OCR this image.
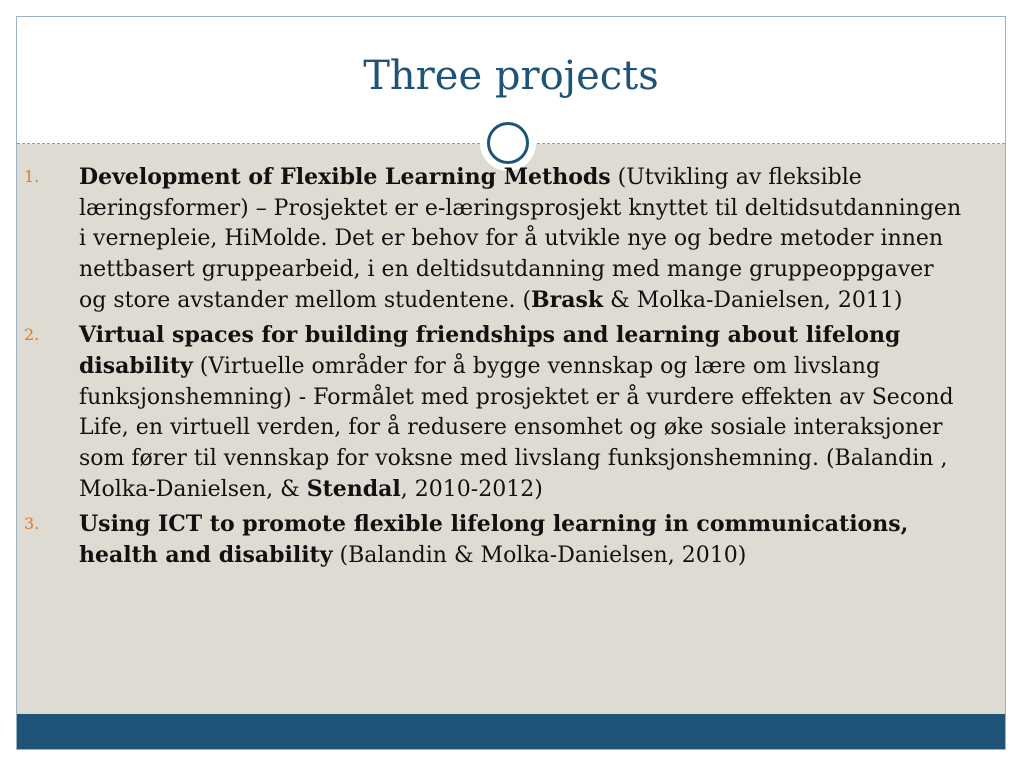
Three projects
1.	Development of Flexible Learning Methods (Utvikling av fleksible læringsformer) – Prosjektet er e-læringsprosjekt knyttet til deltidsutdanningen i vernepleie, HiMolde. Det er behov for å utvikle nye og bedre metoder innen nettbasert gruppearbeid, i en deltidsutdanning med mange gruppeoppgaver og store avstander mellom studentene. (Brask & Molka-Danielsen, 2011)
2.	Virtual spaces for building friendships and learning about lifelong disability (Virtuelle områder for å bygge vennskap og lære om livslang funksjonshemning) - Formålet med prosjektet er å vurdere effekten av Second Life, en virtuell verden, for å redusere ensomhet og øke sosiale interaksjoner som fører til vennskap for voksne med livslang funksjonshemning. (Balandin , Molka-Danielsen, & Stendal, 2010-2012)
3.	Using ICT to promote flexible lifelong learning in communications, health and disability (Balandin & Molka-Danielsen, 2010)
